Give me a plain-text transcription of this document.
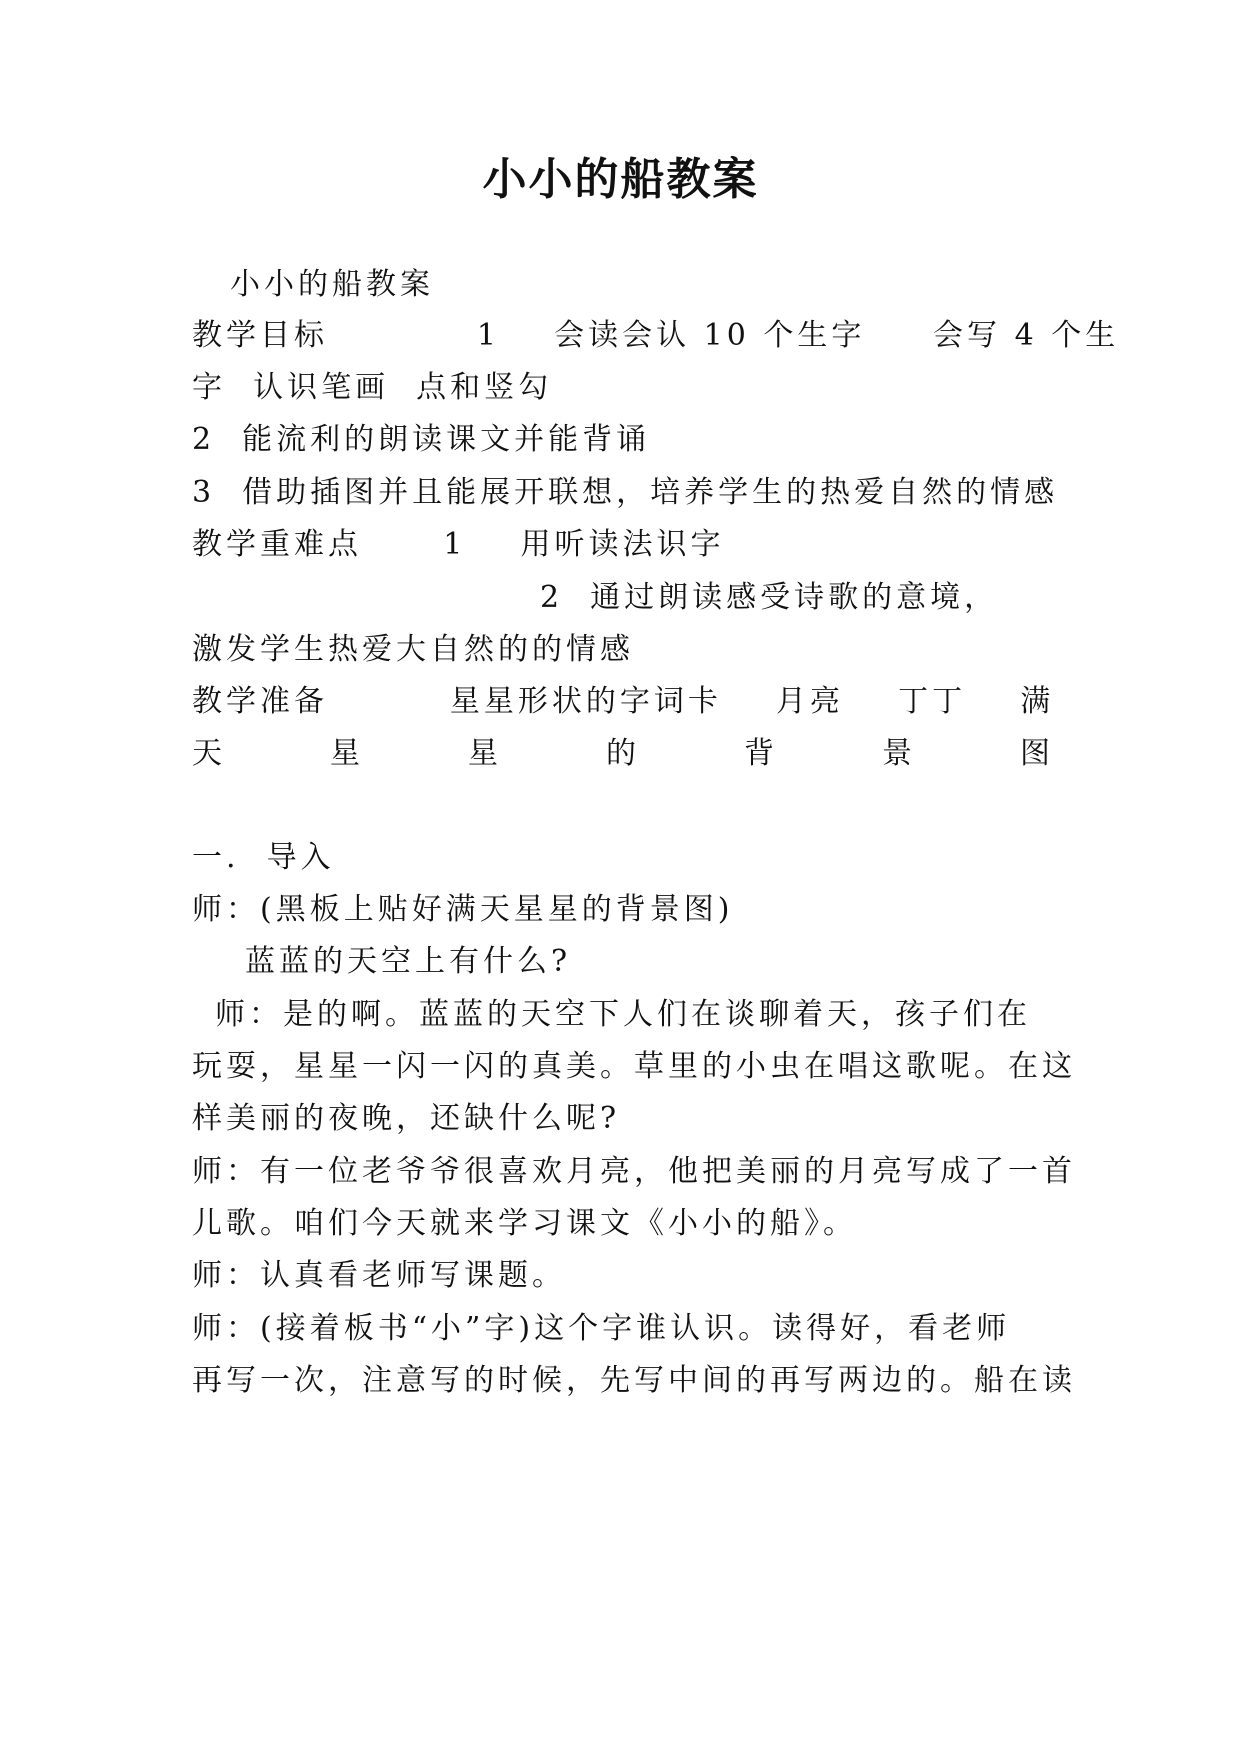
小小的船教案
小小的船教案
教学目标           1    会读会认 10 个生字     会写 4 个生
字  认识笔画  点和竖勾
2  能流利的朗读课文并能背诵
3  借助插图并且能展开联想，培养学生的热爱自然的情感
教学重难点      1    用听读法识字
2  通过朗读感受诗歌的意境，
激发学生热爱大自然的的情感
教学准备         星星形状的字词卡    月亮    丁丁    满
天	星	星	的	背	景	图
一.  导入
师：(黑板上贴好满天星星的背景图)
蓝蓝的天空上有什么?
师：是的啊。蓝蓝的天空下人们在谈聊着天，孩子们在
玩耍，星星一闪一闪的真美。草里的小虫在唱这歌呢。在这
样美丽的夜晚，还缺什么呢?
师：有一位老爷爷很喜欢月亮，他把美丽的月亮写成了一首
儿歌。咱们今天就来学习课文《小小的船》。
师：认真看老师写课题。
师：(接着板书“小”字)这个字谁认识。读得好，看老师
再写一次，注意写的时候，先写中间的再写两边的。船在读
